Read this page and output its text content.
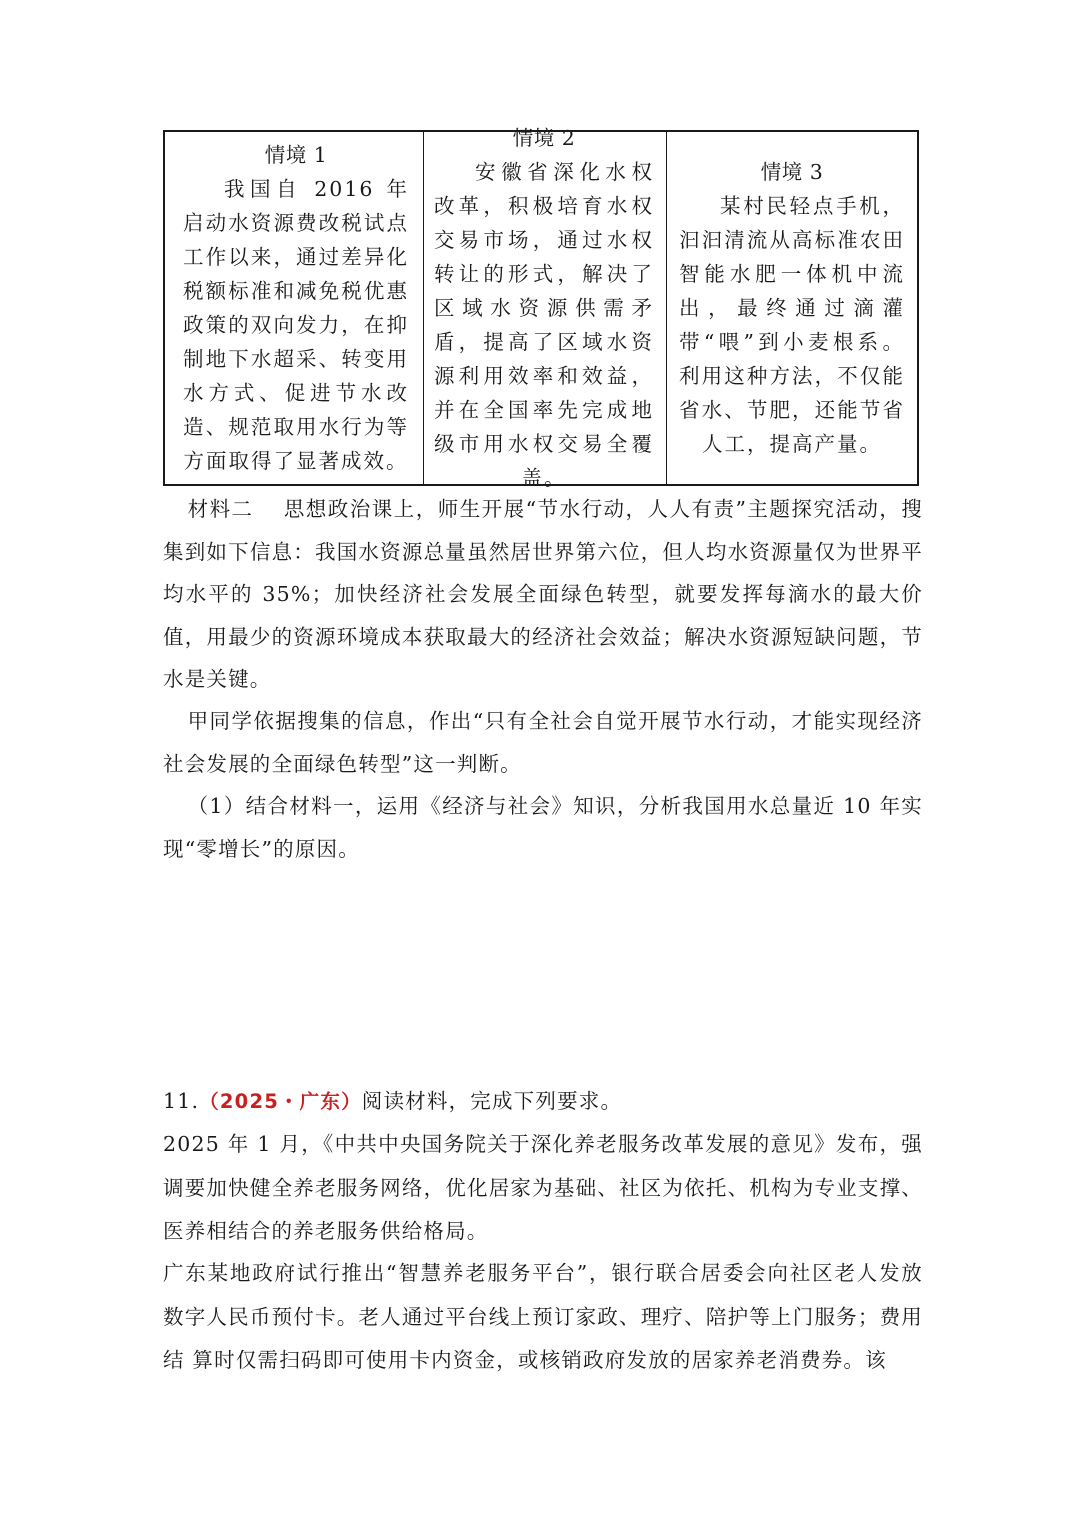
情境 1
我国自 2016 年启动水资源费改税试点工作以来，通过差异化税额标准和减免税优惠政策的双向发力，在抑制地下水超采、转变用水方式、促进节水改造、规范取用水行为等方面取得了显著成效。
情境 2
安徽省深化水权改革，积极培育水权交易市场，通过水权转让的形式，解决了区域水资源供需矛盾，提高了区域水资源利用效率和效益，并在全国率先完成地级市用水权交易全覆盖。
情境 3
某村民轻点手机，汩汩清流从高标准农田智能水肥一体机中流出，最终通过滴灌带“喂”到小麦根系。利用这种方法，不仅能省水、节肥，还能节省人工，提高产量。

材料二 思想政治课上，师生开展“节水行动，人人有责”主题探究活动，搜集到如下信息：我国水资源总量虽然居世界第六位，但人均水资源量仅为世界平均水平的 35%；加快经济社会发展全面绿色转型，就要发挥每滴水的最大价值，用最少的资源环境成本获取最大的经济社会效益；解决水资源短缺问题，节水是关键。

甲同学依据搜集的信息，作出“只有全社会自觉开展节水行动，才能实现经济社会发展的全面绿色转型”这一判断。

（1）结合材料一，运用《经济与社会》知识，分析我国用水总量近 10 年实现“零增长”的原因。

11.（2025・广东）阅读材料，完成下列要求。

2025 年 1 月，《中共中央国务院关于深化养老服务改革发展的意见》发布，强调要加快健全养老服务网络，优化居家为基础、社区为依托、机构为专业支撑、医养相结合的养老服务供给格局。

广东某地政府试行推出“智慧养老服务平台”，银行联合居委会向社区老人发放数字人民币预付卡。老人通过平台线上预订家政、理疗、陪护等上门服务；费用结 算时仅需扫码即可使用卡内资金，或核销政府发放的居家养老消费券。该
